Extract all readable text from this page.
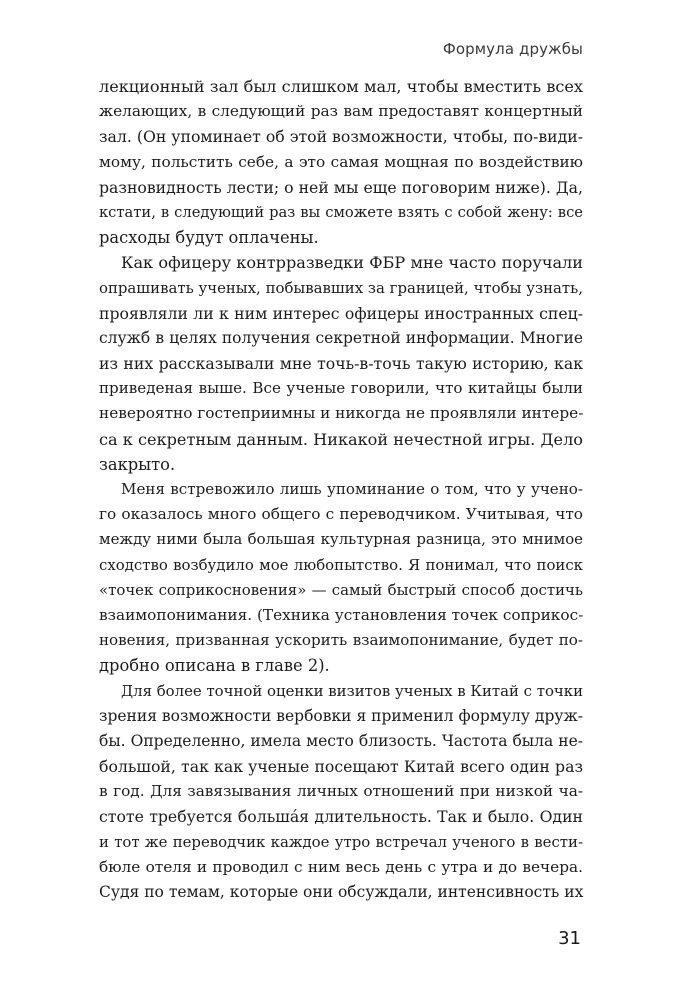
Формула дружбы
лекционный зал был слишком мал, чтобы вместить всех
желающих, в следующий раз вам предоставят концертный
зал. (Он упоминает об этой возможности, чтобы, по-види-
мому, польстить себе, а это самая мощная по воздействию
разновидность лести; о ней мы еще поговорим ниже). Да,
кстати, в следующий раз вы сможете взять с собой жену: все
расходы будут оплачены.
Как офицеру контрразведки ФБР мне часто поручали
опрашивать ученых, побывавших за границей, чтобы узнать,
проявляли ли к ним интерес офицеры иностранных спец-
служб в целях получения секретной информации. Многие
из них рассказывали мне точь-в-точь такую историю, как
приведеная выше. Все ученые говорили, что китайцы были
невероятно гостеприимны и никогда не проявляли интере-
са к секретным данным. Никакой нечестной игры. Дело
закрыто.
Меня встревожило лишь упоминание о том, что у учено-
го оказалось много общего с переводчиком. Учитывая, что
между ними была большая культурная разница, это мнимое
сходство возбудило мое любопытство. Я понимал, что поиск
«точек соприкосновения» — самый быстрый способ достичь
взаимопонимания. (Техника установления точек соприкос-
новения, призванная ускорить взаимопонимание, будет по-
дробно описана в главе 2).
Для более точной оценки визитов ученых в Китай с точки
зрения возможности вербовки я применил формулу друж-
бы. Определенно, имела место близость. Частота была не-
большой, так как ученые посещают Китай всего один раз
в год. Для завязывания личных отношений при низкой ча-
стоте требуется большáя длительность. Так и было. Один
и тот же переводчик каждое утро встречал ученого в вести-
бюле отеля и проводил с ним весь день с утра и до вечера.
Судя по темам, которые они обсуждали, интенсивность их
31
